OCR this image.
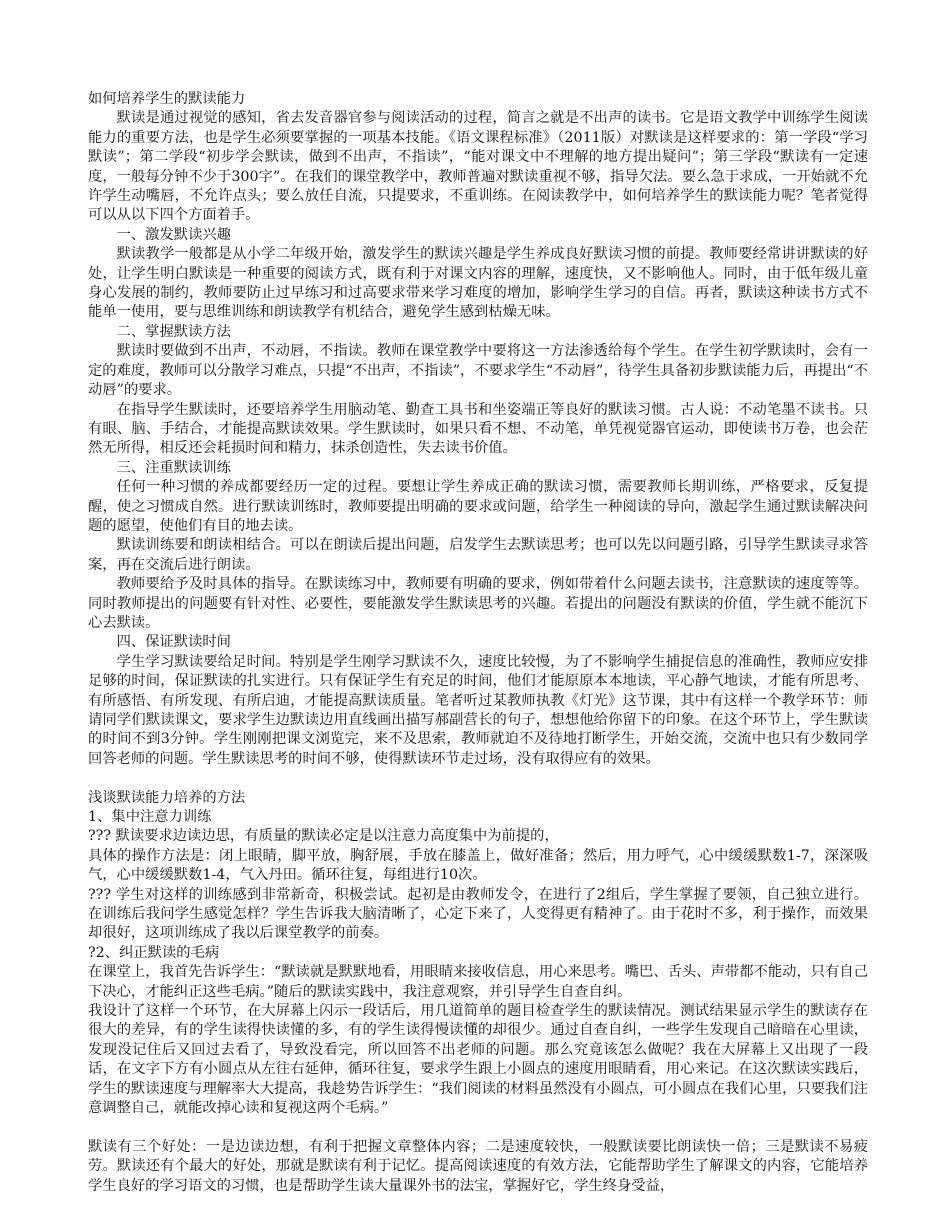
如何培养学生的默读能力

默读是通过视觉的感知，省去发音器官参与阅读活动的过程，简言之就是不出声的读书。它是语文教学中训练学生阅读能力的重要方法，也是学生必须要掌握的一项基本技能。《语文课程标准》（2011版）对默读是这样要求的：第一学段“学习默读”；第二学段“初步学会默读，做到不出声，不指读”，“能对课文中不理解的地方提出疑问”；第三学段“默读有一定速度，一般每分钟不少于300字”。在我们的课堂教学中，教师普遍对默读重视不够，指导欠法。要么急于求成，一开始就不允许学生动嘴唇，不允许点头；要么放任自流，只提要求，不重训练。在阅读教学中，如何培养学生的默读能力呢？笔者觉得可以从以下四个方面着手。

一、激发默读兴趣

默读教学一般都是从小学二年级开始，激发学生的默读兴趣是学生养成良好默读习惯的前提。教师要经常讲讲默读的好处，让学生明白默读是一种重要的阅读方式，既有利于对课文内容的理解，速度快，又不影响他人。同时，由于低年级儿童身心发展的制约，教师要防止过早练习和过高要求带来学习难度的增加，影响学生学习的自信。再者，默读这种读书方式不能单一使用，要与思维训练和朗读教学有机结合，避免学生感到枯燥无味。

二、掌握默读方法

默读时要做到不出声，不动唇，不指读。教师在课堂教学中要将这一方法渗透给每个学生。在学生初学默读时，会有一定的难度，教师可以分散学习难点，只提“不出声，不指读”，不要求学生“不动唇”，待学生具备初步默读能力后，再提出“不动唇”的要求。

在指导学生默读时，还要培养学生用脑动笔、勤查工具书和坐姿端正等良好的默读习惯。古人说：不动笔墨不读书。只有眼、脑、手结合，才能提高默读效果。学生默读时，如果只看不想、不动笔，单凭视觉器官运动，即使读书万卷，也会茫然无所得，相反还会耗损时间和精力，抹杀创造性，失去读书价值。

三、注重默读训练

任何一种习惯的养成都要经历一定的过程。要想让学生养成正确的默读习惯，需要教师长期训练，严格要求，反复提醒，使之习惯成自然。进行默读训练时，教师要提出明确的要求或问题，给学生一种阅读的导向，激起学生通过默读解决问题的愿望，使他们有目的地去读。

默读训练要和朗读相结合。可以在朗读后提出问题，启发学生去默读思考；也可以先以问题引路，引导学生默读寻求答案，再在交流后进行朗读。

教师要给予及时具体的指导。在默读练习中，教师要有明确的要求，例如带着什么问题去读书，注意默读的速度等等。同时教师提出的问题要有针对性、必要性，要能激发学生默读思考的兴趣。若提出的问题没有默读的价值，学生就不能沉下心去默读。

四、保证默读时间

学生学习默读要给足时间。特别是学生刚学习默读不久，速度比较慢，为了不影响学生捕捉信息的准确性，教师应安排足够的时间，保证默读的扎实进行。只有保证学生有充足的时间，他们才能原原本本地读，平心静气地读，才能有所思考、有所感悟、有所发现、有所启迪，才能提高默读质量。笔者听过某教师执教《灯光》这节课，其中有这样一个教学环节：师请同学们默读课文，要求学生边默读边用直线画出描写郝副营长的句子，想想他给你留下的印象。在这个环节上，学生默读的时间不到3分钟。学生刚刚把课文浏览完，来不及思索，教师就迫不及待地打断学生，开始交流，交流中也只有少数同学回答老师的问题。学生默读思考的时间不够，使得默读环节走过场，没有取得应有的效果。

浅谈默读能力培养的方法

1、集中注意力训练

??? 默读要求边读边思，有质量的默读必定是以注意力高度集中为前提的，

具体的操作方法是：闭上眼睛，脚平放，胸舒展，手放在膝盖上，做好准备；然后，用力呼气，心中缓缓默数1-7，深深吸气，心中缓缓默数1-4，气入丹田。循环往复，每组进行10次。

??? 学生对这样的训练感到非常新奇，积极尝试。起初是由教师发令，在进行了2组后，学生掌握了要领，自己独立进行。在训练后我问学生感觉怎样？学生告诉我大脑清晰了，心定下来了，人变得更有精神了。由于花时不多，利于操作，而效果却很好，这项训练成了我以后课堂教学的前奏。

?2、纠正默读的毛病

在课堂上，我首先告诉学生：“默读就是默默地看，用眼睛来接收信息，用心来思考。嘴巴、舌头、声带都不能动，只有自己下决心，才能纠正这些毛病。”随后的默读实践中，我注意观察，并引导学生自查自纠。

我设计了这样一个环节，在大屏幕上闪示一段话后，用几道简单的题目检查学生的默读情况。测试结果显示学生的默读存在很大的差异，有的学生读得快读懂的多，有的学生读得慢读懂的却很少。通过自查自纠，一些学生发现自己暗暗在心里读，发现没记住后又回过去看了，导致没看完，所以回答不出老师的问题。那么究竟该怎么做呢？我在大屏幕上又出现了一段话，在文字下方有小圆点从左往右延伸，循环往复，要求学生跟上小圆点的速度用眼睛看，用心来记。在这次默读实践后，学生的默读速度与理解率大大提高，我趁势告诉学生：“我们阅读的材料虽然没有小圆点，可小圆点在我们心里，只要我们注意调整自己，就能改掉心读和复视这两个毛病。”

默读有三个好处：一是边读边想，有利于把握文章整体内容；二是速度较快，一般默读要比朗读快一倍；三是默读不易疲劳。默读还有个最大的好处，那就是默读有利于记忆。提高阅读速度的有效方法，它能帮助学生了解课文的内容，它能培养学生良好的学习语文的习惯，也是帮助学生读大量课外书的法宝，掌握好它，学生终身受益，
